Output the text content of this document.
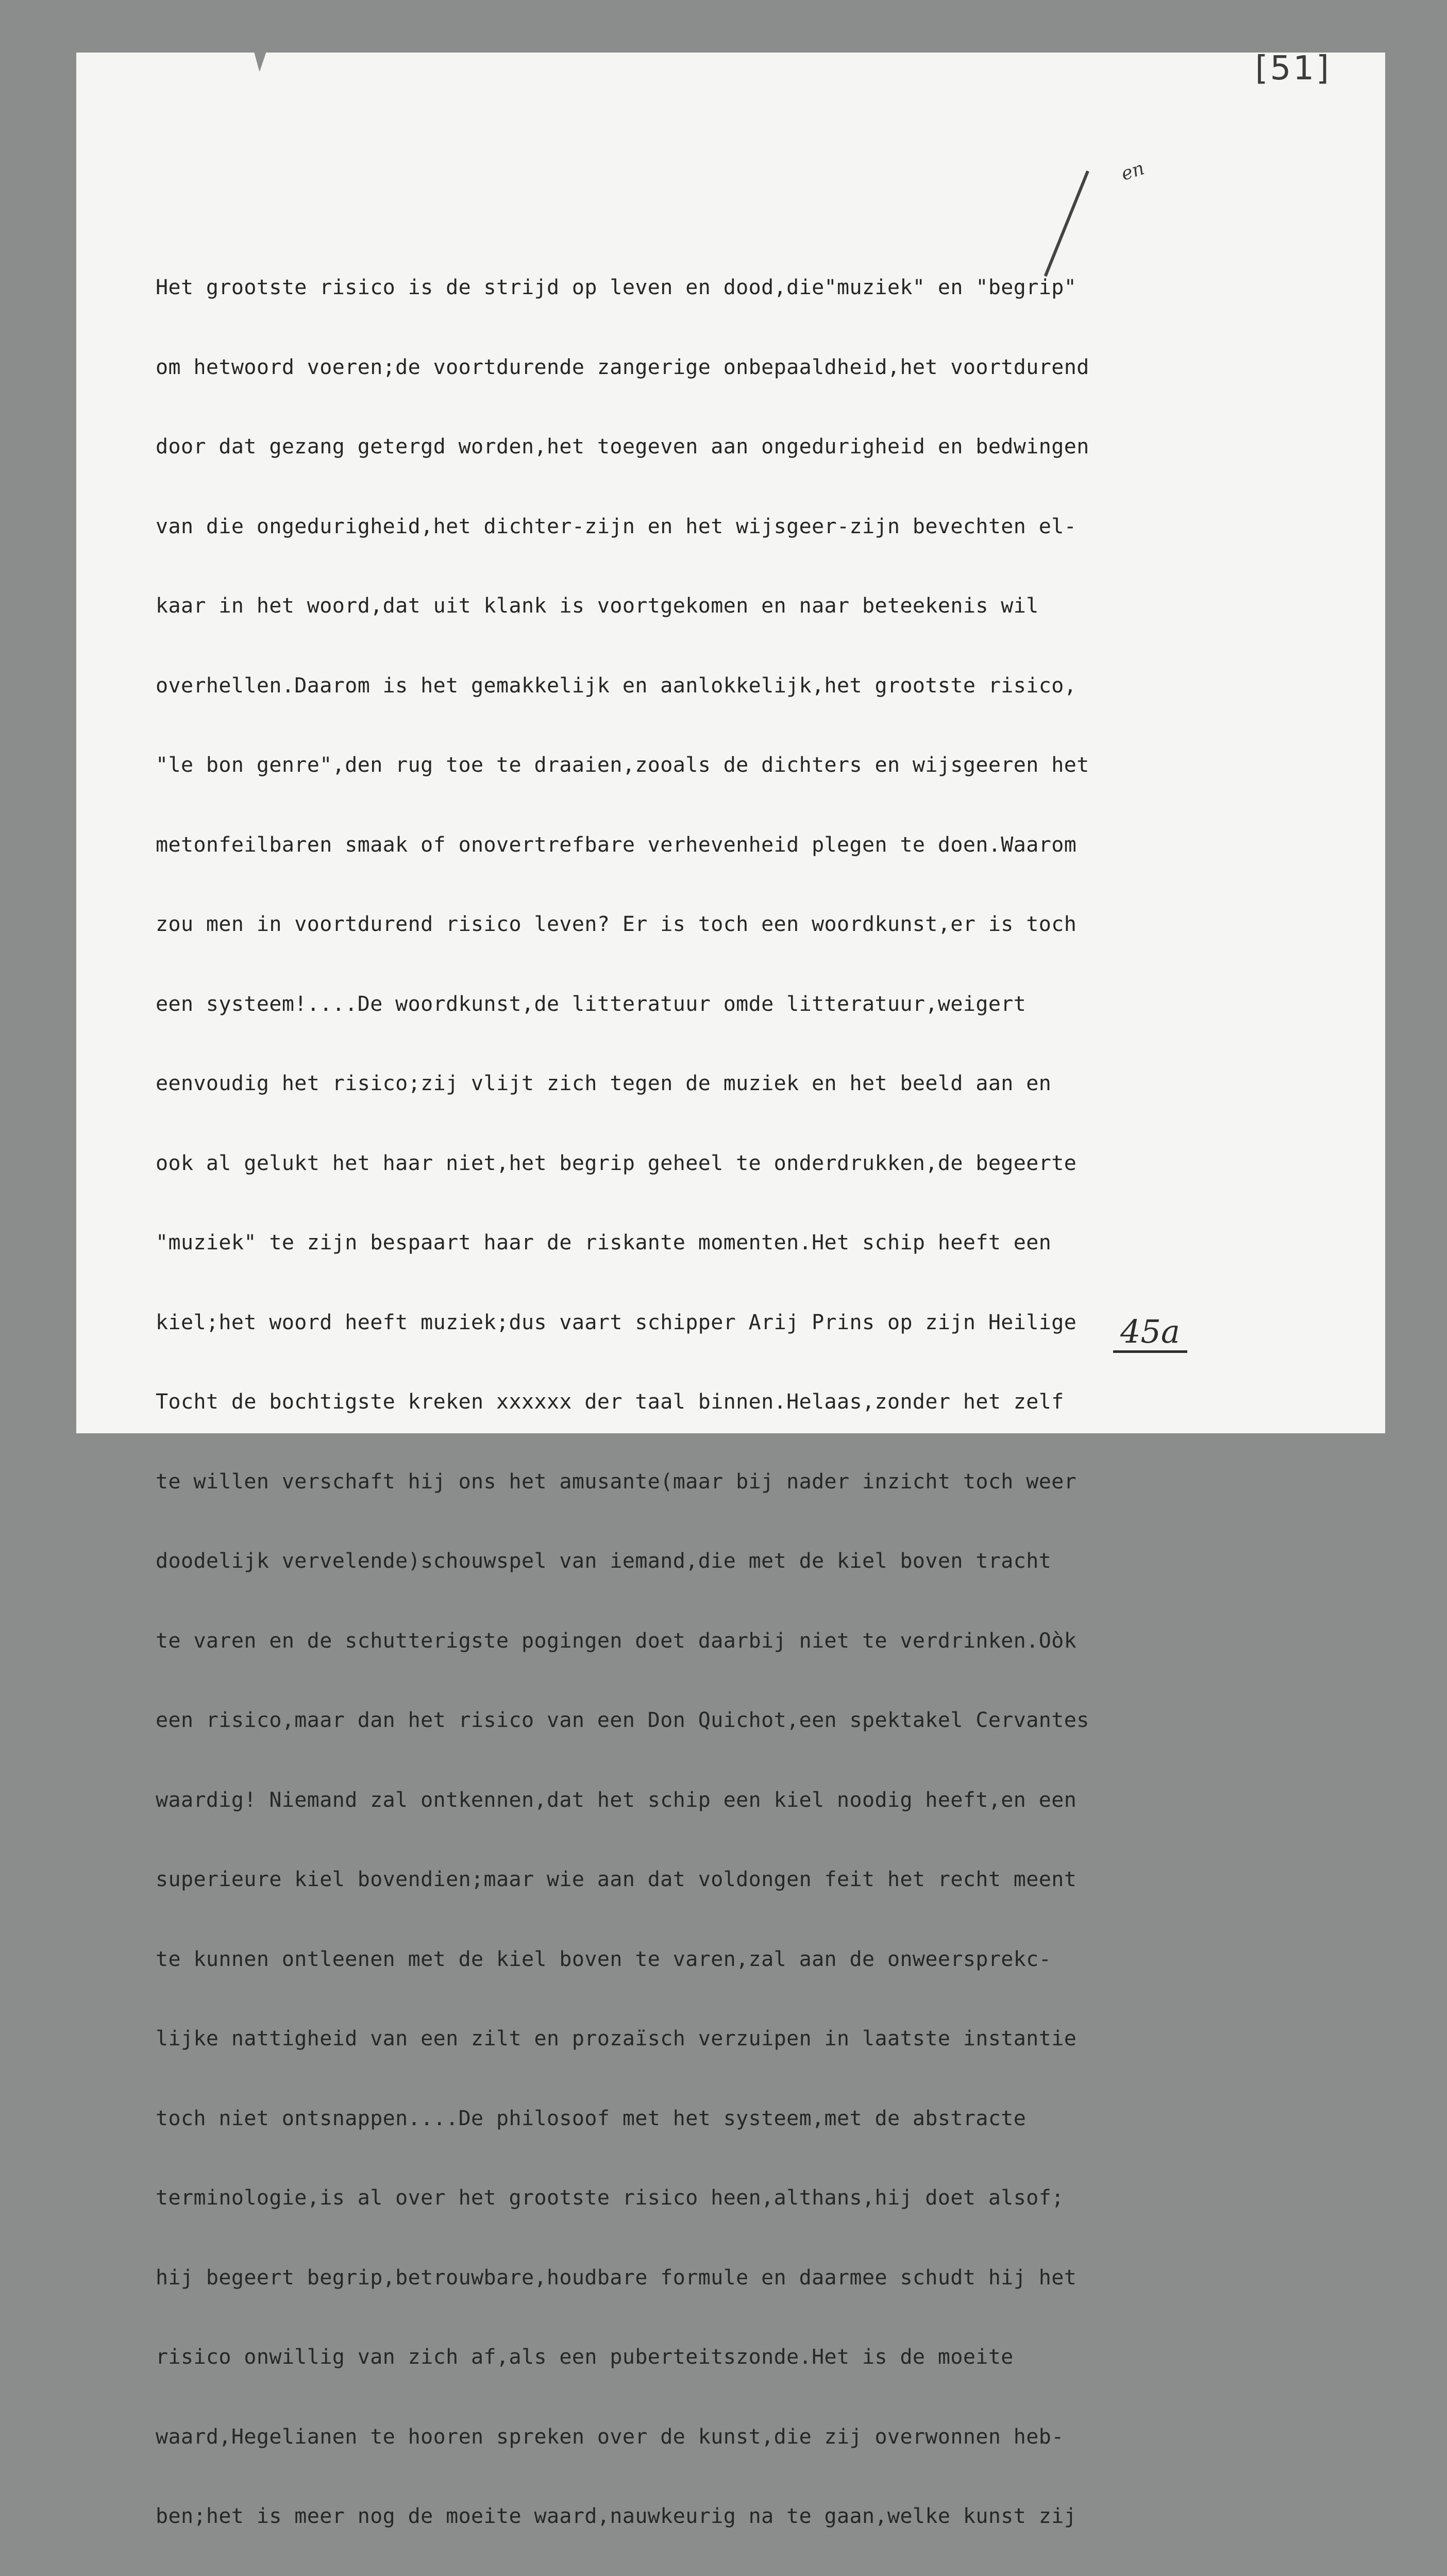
[51]
en

Het grootste risico is de strijd op leven en dood,die"muziek" en "begrip"

om hetwoord voeren;de voortdurende zangerige onbepaaldheid,het voortdurend

door dat gezang getergd worden,het toegeven aan ongedurigheid en bedwingen

van die ongedurigheid,het dichter-zijn en het wijsgeer-zijn bevechten el-

kaar in het woord,dat uit klank is voortgekomen en naar beteekenis wil

overhellen.Daarom is het gemakkelijk en aanlokkelijk,het grootste risico,

"le bon genre",den rug toe te draaien,zooals de dichters en wijsgeeren het

metonfeilbaren smaak of onovertrefbare verhevenheid plegen te doen.Waarom

zou men in voortdurend risico leven? Er is toch een woordkunst,er is toch

een systeem!....De woordkunst,de litteratuur omde litteratuur,weigert

eenvoudig het risico;zij vlijt zich tegen de muziek en het beeld aan en

ook al gelukt het haar niet,het begrip geheel te onderdrukken,de begeerte

"muziek" te zijn bespaart haar de riskante momenten.Het schip heeft een

kiel;het woord heeft muziek;dus vaart schipper Arij Prins op zijn Heilige

Tocht de bochtigste kreken xxxxxx der taal binnen.Helaas,zonder het zelf

te willen verschaft hij ons het amusante(maar bij nader inzicht toch weer

doodelijk vervelende)schouwspel van iemand,die met de kiel boven tracht

te varen en de schutterigste pogingen doet daarbij niet te verdrinken.Oòk

een risico,maar dan het risico van een Don Quichot,een spektakel Cervantes

waardig! Niemand zal ontkennen,dat het schip een kiel noodig heeft,en een

superieure kiel bovendien;maar wie aan dat voldongen feit het recht meent

te kunnen ontleenen met de kiel boven te varen,zal aan de onweersprekc-

lijke nattigheid van een zilt en prozaïsch verzuipen in laatste instantie

toch niet ontsnappen....De philosoof met het systeem,met de abstracte

terminologie,is al over het grootste risico heen,althans,hij doet alsof;

hij begeert begrip,betrouwbare,houdbare formule en daarmee schudt hij het

risico onwillig van zich af,als een puberteitszonde.Het is de moeite

waard,Hegelianen te hooren spreken over de kunst,die zij overwonnen heb-

ben;het is meer nog de moeite waard,nauwkeurig na te gaan,welke kunst zij

45a
